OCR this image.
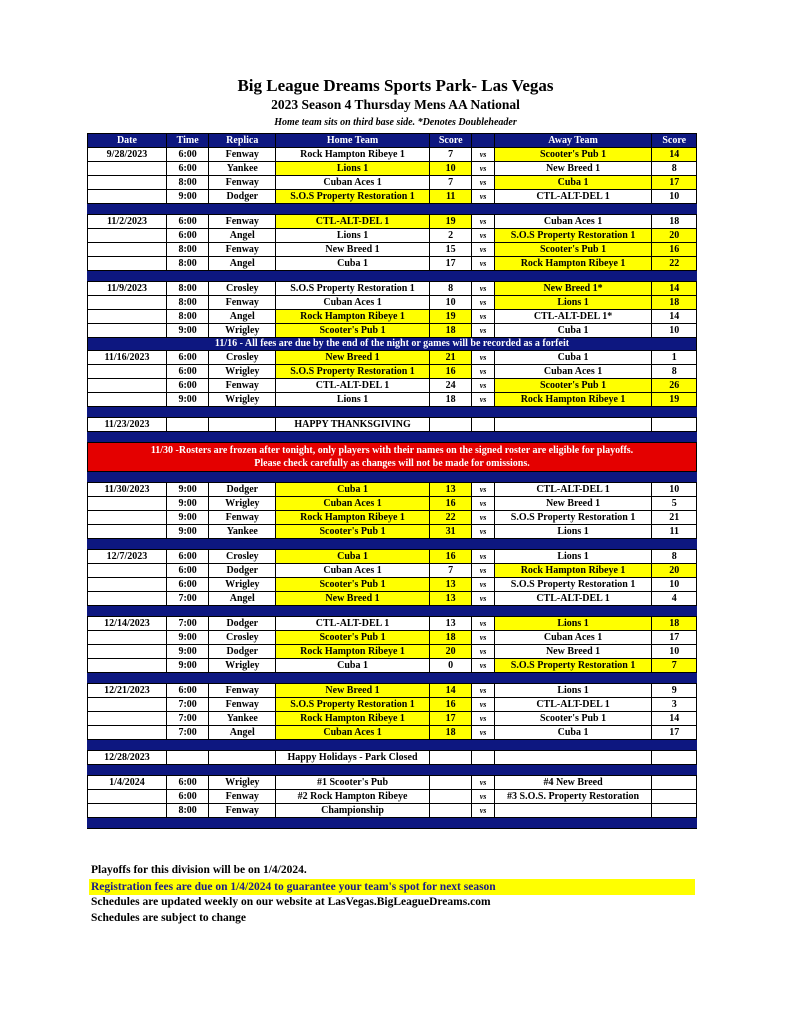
Big League Dreams Sports Park- Las Vegas
2023 Season 4 Thursday Mens AA National
Home team sits on third base side. *Denotes Doubleheader
Date	Time	Replica	Home Team	Score		Away Team	Score
9/28/2023	6:00	Fenway	Rock Hampton Ribeye 1	7	vs	Scooter's Pub 1	14
	6:00	Yankee	Lions 1	10	vs	New Breed 1	8
	8:00	Fenway	Cuban Aces 1	7	vs	Cuba 1	17
	9:00	Dodger	S.O.S Property Restoration 1	11	vs	CTL-ALT-DEL 1	10

11/2/2023	6:00	Fenway	CTL-ALT-DEL 1	19	vs	Cuban Aces 1	18
	6:00	Angel	Lions 1	2	vs	S.O.S Property Restoration 1	20
	8:00	Fenway	New Breed 1	15	vs	Scooter's Pub 1	16
	8:00	Angel	Cuba 1	17	vs	Rock Hampton Ribeye 1	22

11/9/2023	8:00	Crosley	S.O.S Property Restoration 1	8	vs	New Breed 1*	14
	8:00	Fenway	Cuban Aces 1	10	vs	Lions 1	18
	8:00	Angel	Rock Hampton Ribeye 1	19	vs	CTL-ALT-DEL 1*	14
	9:00	Wrigley	Scooter's Pub 1	18	vs	Cuba 1	10
11/16 - All fees are due by the end of the night or games will be recorded as a forfeit							
11/16/2023	6:00	Crosley	New Breed 1	21	vs	Cuba 1	1
	6:00	Wrigley	S.O.S Property Restoration 1	16	vs	Cuban Aces 1	8
	6:00	Fenway	CTL-ALT-DEL 1	24	vs	Scooter's Pub 1	26
	9:00	Wrigley	Lions 1	18	vs	Rock Hampton Ribeye 1	19

11/23/2023			HAPPY THANKSGIVING				

11/30 -Rosters are frozen after tonight, only players with their names on the signed roster are eligible for playoffs.
Please check carefully as changes will not be made for omissions.							

11/30/2023	9:00	Dodger	Cuba 1	13	vs	CTL-ALT-DEL 1	10
	9:00	Wrigley	Cuban Aces 1	16	vs	New Breed 1	5
	9:00	Fenway	Rock Hampton Ribeye 1	22	vs	S.O.S Property Restoration 1	21
	9:00	Yankee	Scooter's Pub 1	31	vs	Lions 1	11

12/7/2023	6:00	Crosley	Cuba 1	16	vs	Lions 1	8
	6:00	Dodger	Cuban Aces 1	7	vs	Rock Hampton Ribeye 1	20
	6:00	Wrigley	Scooter's Pub 1	13	vs	S.O.S Property Restoration 1	10
	7:00	Angel	New Breed 1	13	vs	CTL-ALT-DEL 1	4

12/14/2023	7:00	Dodger	CTL-ALT-DEL 1	13	vs	Lions 1	18
	9:00	Crosley	Scooter's Pub 1	18	vs	Cuban Aces 1	17
	9:00	Dodger	Rock Hampton Ribeye 1	20	vs	New Breed 1	10
	9:00	Wrigley	Cuba 1	0	vs	S.O.S Property Restoration 1	7

12/21/2023	6:00	Fenway	New Breed 1	14	vs	Lions 1	9
	7:00	Fenway	S.O.S Property Restoration 1	16	vs	CTL-ALT-DEL 1	3
	7:00	Yankee	Rock Hampton Ribeye 1	17	vs	Scooter's Pub 1	14
	7:00	Angel	Cuban Aces 1	18	vs	Cuba 1	17

12/28/2023			Happy Holidays - Park Closed				

1/4/2024	6:00	Wrigley	#1 Scooter's Pub		vs	#4 New Breed	
	6:00	Fenway	#2 Rock Hampton Ribeye		vs	#3 S.O.S. Property Restoration	
	8:00	Fenway	Championship		vs		

Playoffs for this division will be on 1/4/2024.
Registration fees are due on 1/4/2024 to guarantee your team's spot for next season
Schedules are updated weekly on our website at LasVegas.BigLeagueDreams.com
Schedules are subject to change
